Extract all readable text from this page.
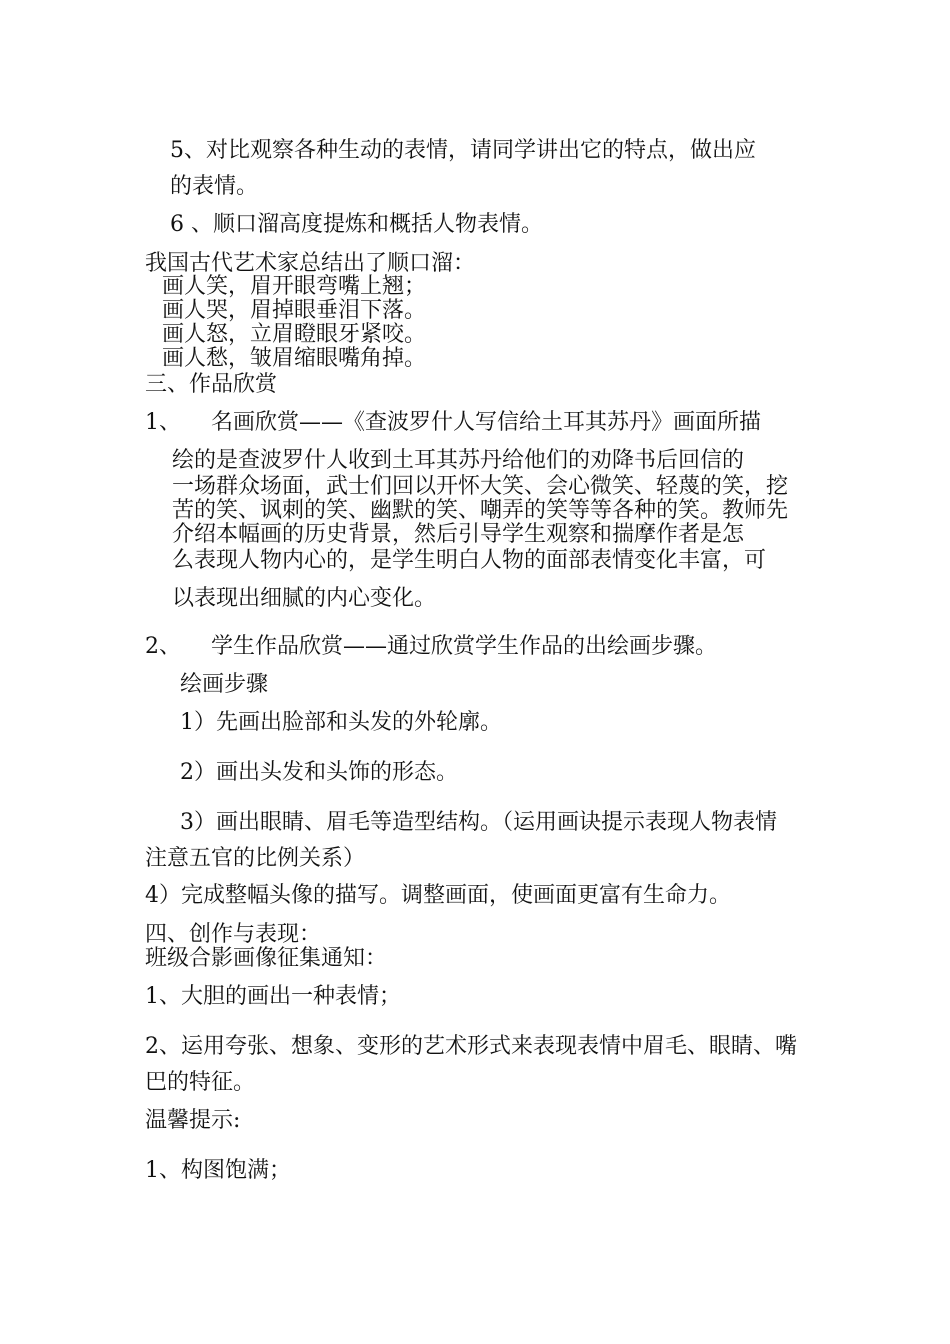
5、对比观察各种生动的表情，请同学讲出它的特点，做出应

的表情。

6 、顺口溜高度提炼和概括人物表情。

我国古代艺术家总结出了顺口溜：

画人笑，眉开眼弯嘴上翘；

画人哭，眉掉眼垂泪下落。

画人怒，立眉瞪眼牙紧咬。

画人愁，皱眉缩眼嘴角掉。

三、作品欣赏

1、 名画欣赏——《查波罗什人写信给土耳其苏丹》画面所描

绘的是查波罗什人收到土耳其苏丹给他们的劝降书后回信的

一场群众场面，武士们回以开怀大笑、会心微笑、轻蔑的笑，挖

苦的笑、讽刺的笑、幽默的笑、嘲弄的笑等等各种的笑。教师先

介绍本幅画的历史背景，然后引导学生观察和揣摩作者是怎

么表现人物内心的，是学生明白人物的面部表情变化丰富，可

以表现出细腻的内心变化。

2、 学生作品欣赏——通过欣赏学生作品的出绘画步骤。

绘画步骤

1）先画出脸部和头发的外轮廓。

2）画出头发和头饰的形态。

3）画出眼睛、眉毛等造型结构。（运用画诀提示表现人物表情

注意五官的比例关系）

4）完成整幅头像的描写。调整画面，使画面更富有生命力。

四、创作与表现：

班级合影画像征集通知：

1、大胆的画出一种表情；

2、运用夸张、想象、变形的艺术形式来表现表情中眉毛、眼睛、嘴

巴的特征。

温馨提示:

1、构图饱满；
